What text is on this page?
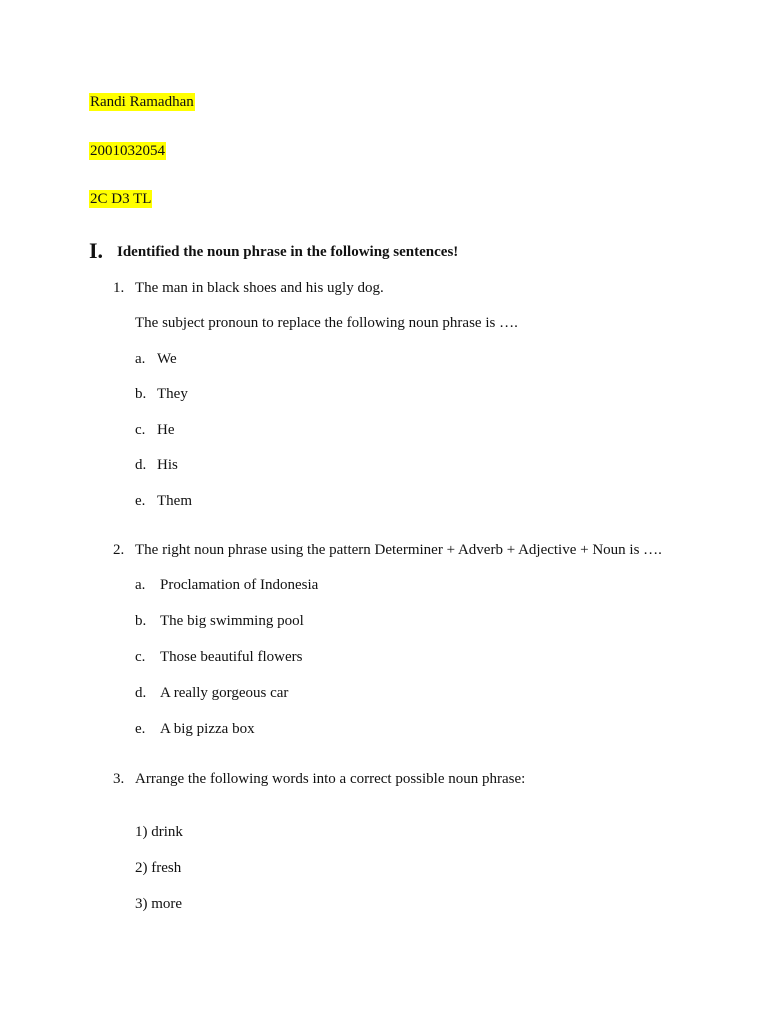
Randi Ramadhan
2001032054
2C D3 TL
I. Identified the noun phrase in the following sentences!
1. The man in black shoes and his ugly dog.
The subject pronoun to replace the following noun phrase is ….
a. We
b. They
c. He
d. His
e. Them
2. The right noun phrase using the pattern Determiner + Adverb + Adjective + Noun is ….
a. Proclamation of Indonesia
b. The big swimming pool
c. Those beautiful flowers
d. A really gorgeous car
e. A big pizza box
3. Arrange the following words into a correct possible noun phrase:
1) drink
2) fresh
3) more
